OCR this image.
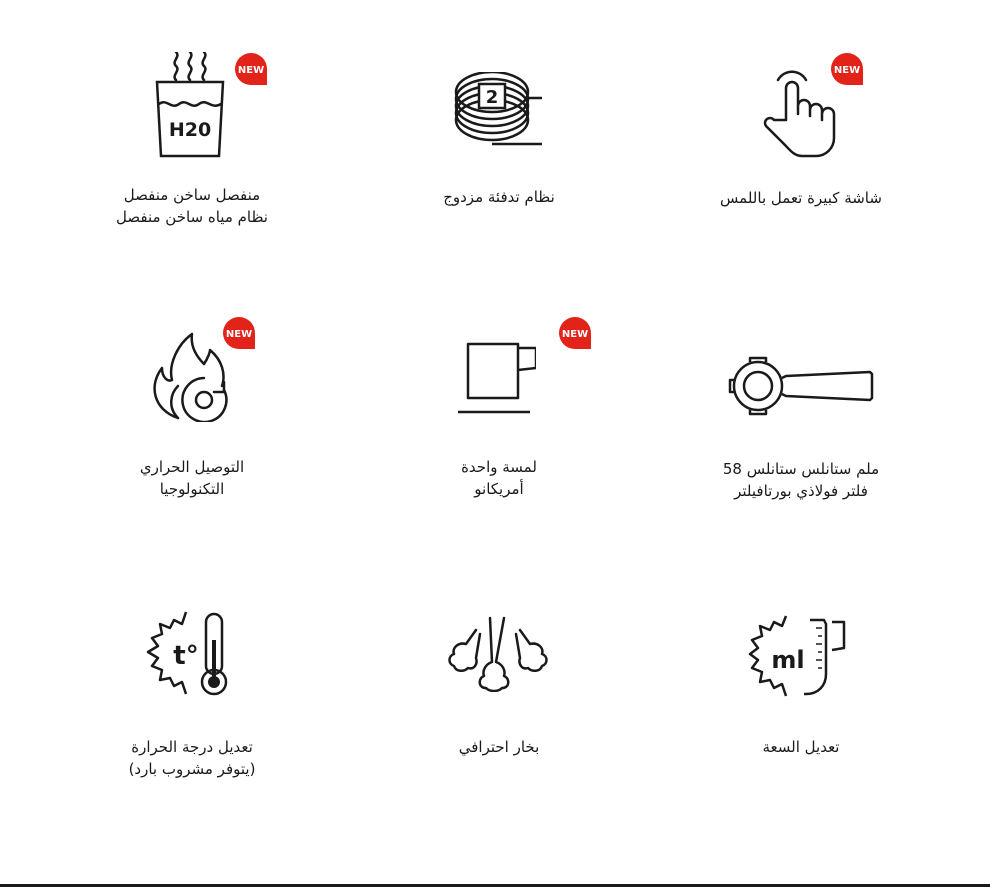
H20
NEW
منفصل ساخن منفصل
نظام مياه ساخن منفصل
2
نظام تدفئة مزدوج
NEW
شاشة كبيرة تعمل باللمس
NEW
التوصيل الحراري
التكنولوجيا
NEW
لمسة واحدة
أمريكانو
ملم ستانلس ستانلس 58
فلتر فولاذي بورتافيلتر
t°
تعديل درجة الحرارة
(يتوفر مشروب بارد)
بخار احترافي
ml
تعديل السعة
